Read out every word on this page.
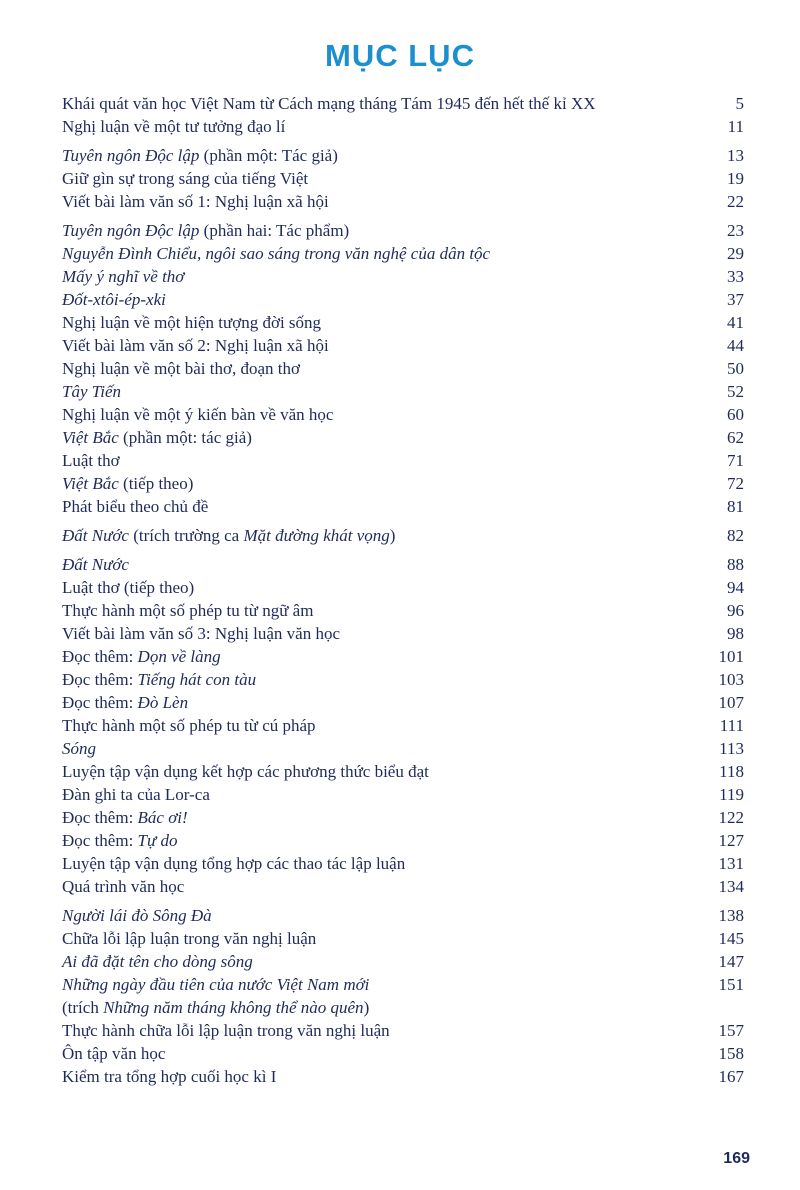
MỤC LỤC
Khái quát văn học Việt Nam từ Cách mạng tháng Tám 1945 đến hết thế kỉ XX	5
Nghị luận về một tư tưởng đạo lí	11
Tuyên ngôn Độc lập (phần một: Tác giả)	13
Giữ gìn sự trong sáng của tiếng Việt	19
Viết bài làm văn số 1: Nghị luận xã hội	22
Tuyên ngôn Độc lập (phần hai: Tác phẩm)	23
Nguyễn Đình Chiểu, ngôi sao sáng trong văn nghệ của dân tộc	29
Mấy ý nghĩ về thơ	33
Đốt-xtôi-ép-xki	37
Nghị luận về một hiện tượng đời sống	41
Viết bài làm văn số 2: Nghị luận xã hội	44
Nghị luận về một bài thơ, đoạn thơ	50
Tây Tiến	52
Nghị luận về một ý kiến bàn về văn học	60
Việt Bắc (phần một: tác giả)	62
Luật thơ	71
Việt Bắc (tiếp theo)	72
Phát biểu theo chủ đề	81
Đất Nước (trích trường ca Mặt đường khát vọng)	82
Đất Nước	88
Luật thơ (tiếp theo)	94
Thực hành một số phép tu từ ngữ âm	96
Viết bài làm văn số 3: Nghị luận văn học	98
Đọc thêm: Dọn về làng	101
Đọc thêm: Tiếng hát con tàu	103
Đọc thêm: Đò Lèn	107
Thực hành một số phép tu từ cú pháp	111
Sóng	113
Luyện tập vận dụng kết hợp các phương thức biểu đạt	118
Đàn ghi ta của Lor-ca	119
Đọc thêm: Bác ơi!	122
Đọc thêm: Tự do	127
Luyện tập vận dụng tổng hợp các thao tác lập luận	131
Quá trình văn học	134
Người lái đò Sông Đà	138
Chữa lỗi lập luận trong văn nghị luận	145
Ai đã đặt tên cho dòng sông	147
Những ngày đầu tiên của nước Việt Nam mới	151
(trích Những năm tháng không thể nào quên)
Thực hành chữa lỗi lập luận trong văn nghị luận	157
Ôn tập văn học	158
Kiểm tra tổng hợp cuối học kì I	167
169
